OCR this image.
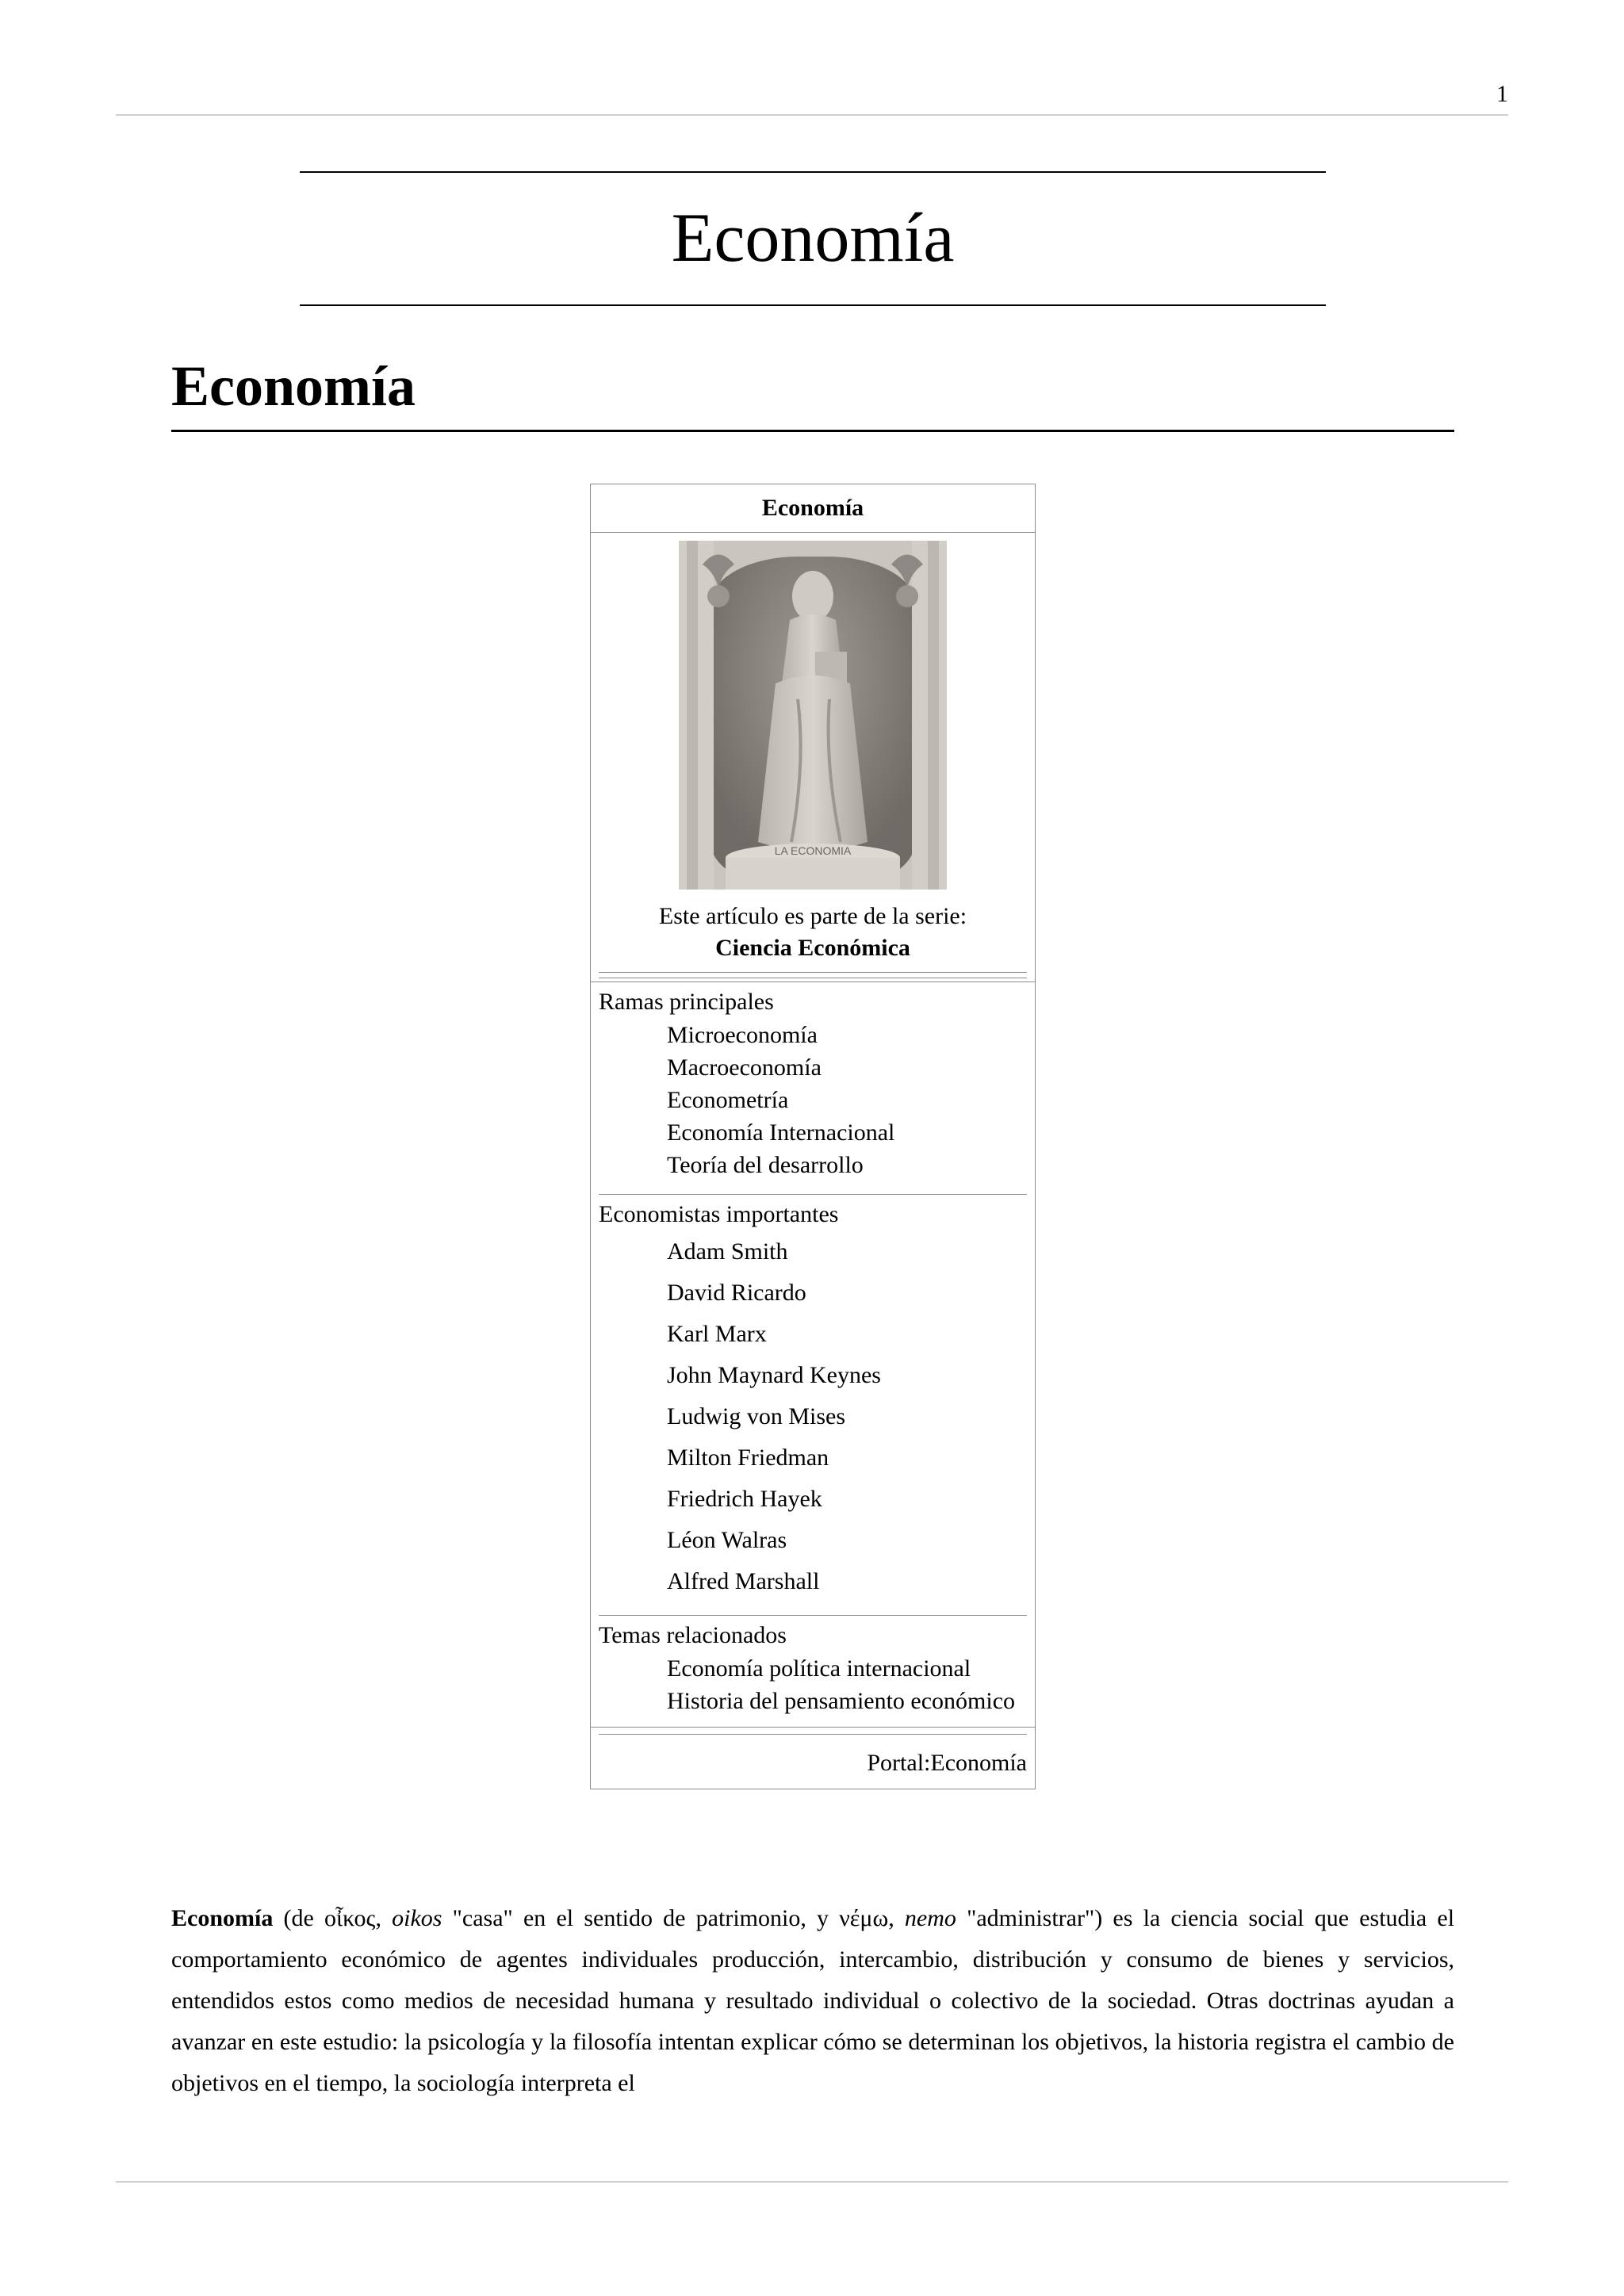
1
Economía
Economía
Economía
LA ECONOMIA
Este artículo es parte de la serie:
Ciencia Económica
Ramas principales
Microeconomía
Macroeconomía
Econometría
Economía Internacional
Teoría del desarrollo
Economistas importantes
Adam Smith
David Ricardo
Karl Marx
John Maynard Keynes
Ludwig von Mises
Milton Friedman
Friedrich Hayek
Léon Walras
Alfred Marshall
Temas relacionados
Economía política internacional
Historia del pensamiento económico
Portal:Economía

Economía (de οἶκος, oikos "casa" en el sentido de patrimonio, y νέμω, nemo "administrar") es la ciencia social que estudia el comportamiento económico de agentes individuales producción, intercambio, distribución y consumo de bienes y servicios, entendidos estos como medios de necesidad humana y resultado individual o colectivo de la sociedad. Otras doctrinas ayudan a avanzar en este estudio: la psicología y la filosofía intentan explicar cómo se determinan los objetivos, la historia registra el cambio de objetivos en el tiempo, la sociología interpreta el
